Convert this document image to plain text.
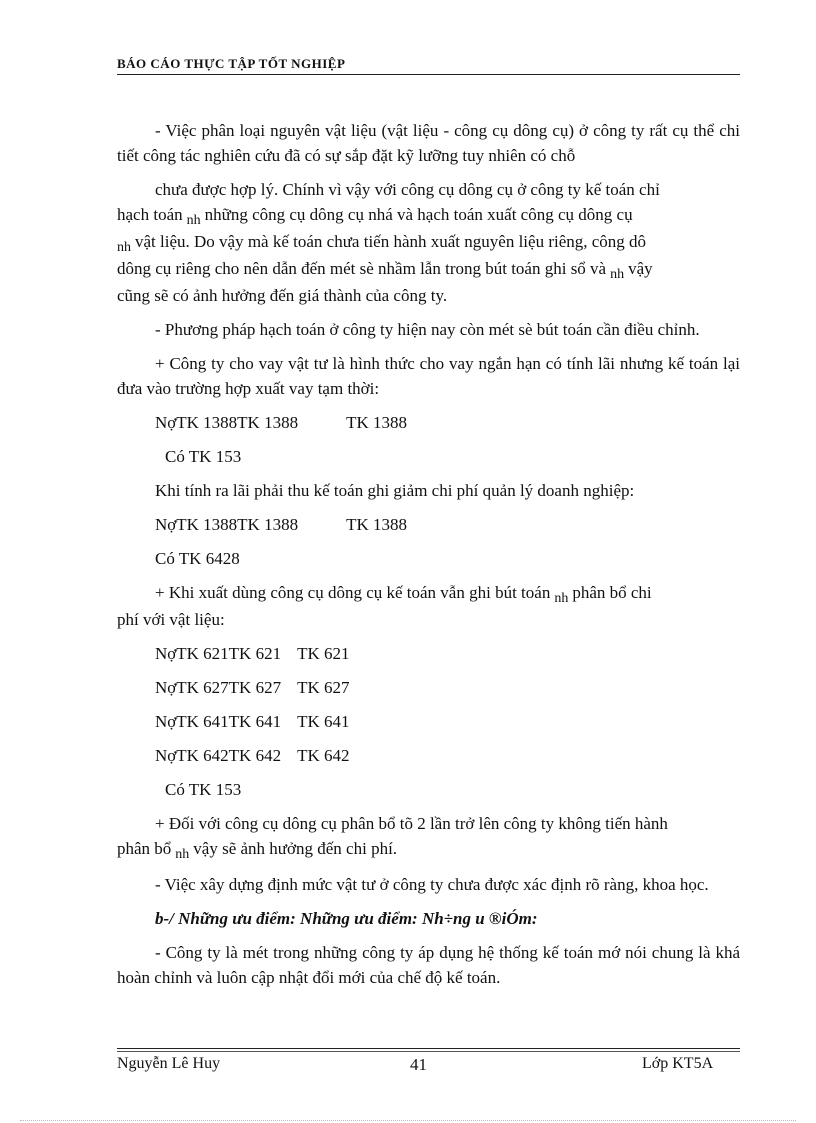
BÁO CÁO THỰC TẬP TỐT NGHIỆP

- Việc phân loại nguyên vật liệu (vật liệu - công cụ dông cụ) ở công ty rất cụ thể chi tiết công tác nghiên cứu đã có sự sắp đặt kỹ lưỡng tuy nhiên có chỗ

chưa được hợp lý. Chính vì vậy với công cụ dông cụ ở công ty kế toán chỉ

hạch toán $_{nh}$ những công cụ dông cụ nhá và hạch toán xuất công cụ dông cụ

$_{nh}$ vật liệu. Do vậy mà kế toán chưa tiến hành xuất nguyên liệu riêng, công dô

dông cụ riêng cho nên dẫn đến mét sè nhầm lẫn trong bút toán ghi sổ và $_{nh}$ vậy

cũng sẽ có ảnh hưởng đến giá thành của công ty.

- Phương pháp hạch toán ở công ty hiện nay còn mét sè bút toán cần điều chỉnh.

+ Công ty cho vay vật tư là hình thức cho vay ngắn hạn có tính lãi nhưng kế toán lại đưa vào trường hợp xuất vay tạm thời:

NợTK 1388TK 1388	TK 1388

Có TK 153

Khi tính ra lãi phải thu kế toán ghi giảm chi phí quản lý doanh nghiệp:

NợTK 1388TK 1388	TK 1388

Có TK 6428

+ Khi xuất dùng công cụ dông cụ kế toán vẫn ghi bút toán $_{nh}$ phân bổ chi

phí với vật liệu:

NợTK 621TK 621 TK 621

NợTK 627TK 627 TK 627

NợTK 641TK 641 TK 641

NợTK 642TK 642 TK 642

Có TK 153

+ Đối với công cụ dông cụ phân bổ tõ 2 lần trở lên công ty không tiến hành

phân bổ $_{nh}$ vậy sẽ ảnh hưởng đến chi phí.

- Việc xây dựng định mức vật tư ở công ty chưa được xác định rõ ràng, khoa học.

b-/ Những ưu điểm: Những ưu điểm: Nh÷ng u ®iÓm:

- Công ty là mét trong những công ty áp dụng hệ thống kế toán mớ nói chung là khá hoàn chỉnh và luôn cập nhật đổi mới của chế độ kế toán.

Nguyễn Lê Huy	41	Lớp KT5A
